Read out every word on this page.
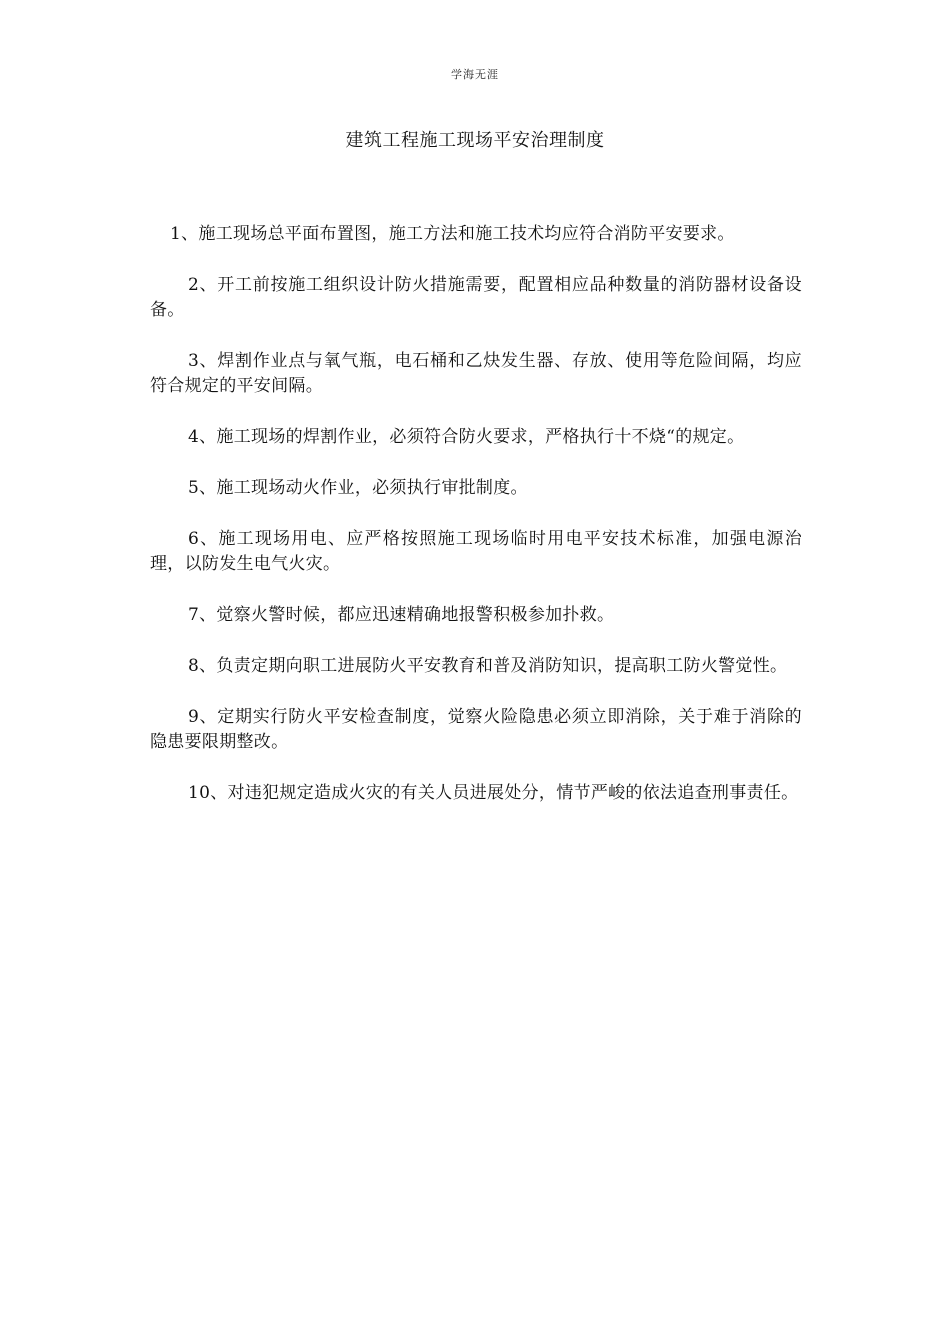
学海无涯
建筑工程施工现场平安治理制度

1、施工现场总平面布置图，施工方法和施工技术均应符合消防平安要求。

2、开工前按施工组织设计防火措施需要，配置相应品种数量的消防器材设备设备。

3、焊割作业点与氧气瓶，电石桶和乙炔发生器、存放、使用等危险间隔，均应符合规定的平安间隔。

4、施工现场的焊割作业，必须符合防火要求，严格执行十不烧“的规定。

5、施工现场动火作业，必须执行审批制度。

6、施工现场用电、应严格按照施工现场临时用电平安技术标准，加强电源治理，以防发生电气火灾。

7、觉察火警时候，都应迅速精确地报警积极参加扑救。

8、负责定期向职工进展防火平安教育和普及消防知识，提高职工防火警觉性。

9、定期实行防火平安检查制度，觉察火险隐患必须立即消除，关于难于消除的隐患要限期整改。

10、对违犯规定造成火灾的有关人员进展处分，情节严峻的依法追查刑事责任。
